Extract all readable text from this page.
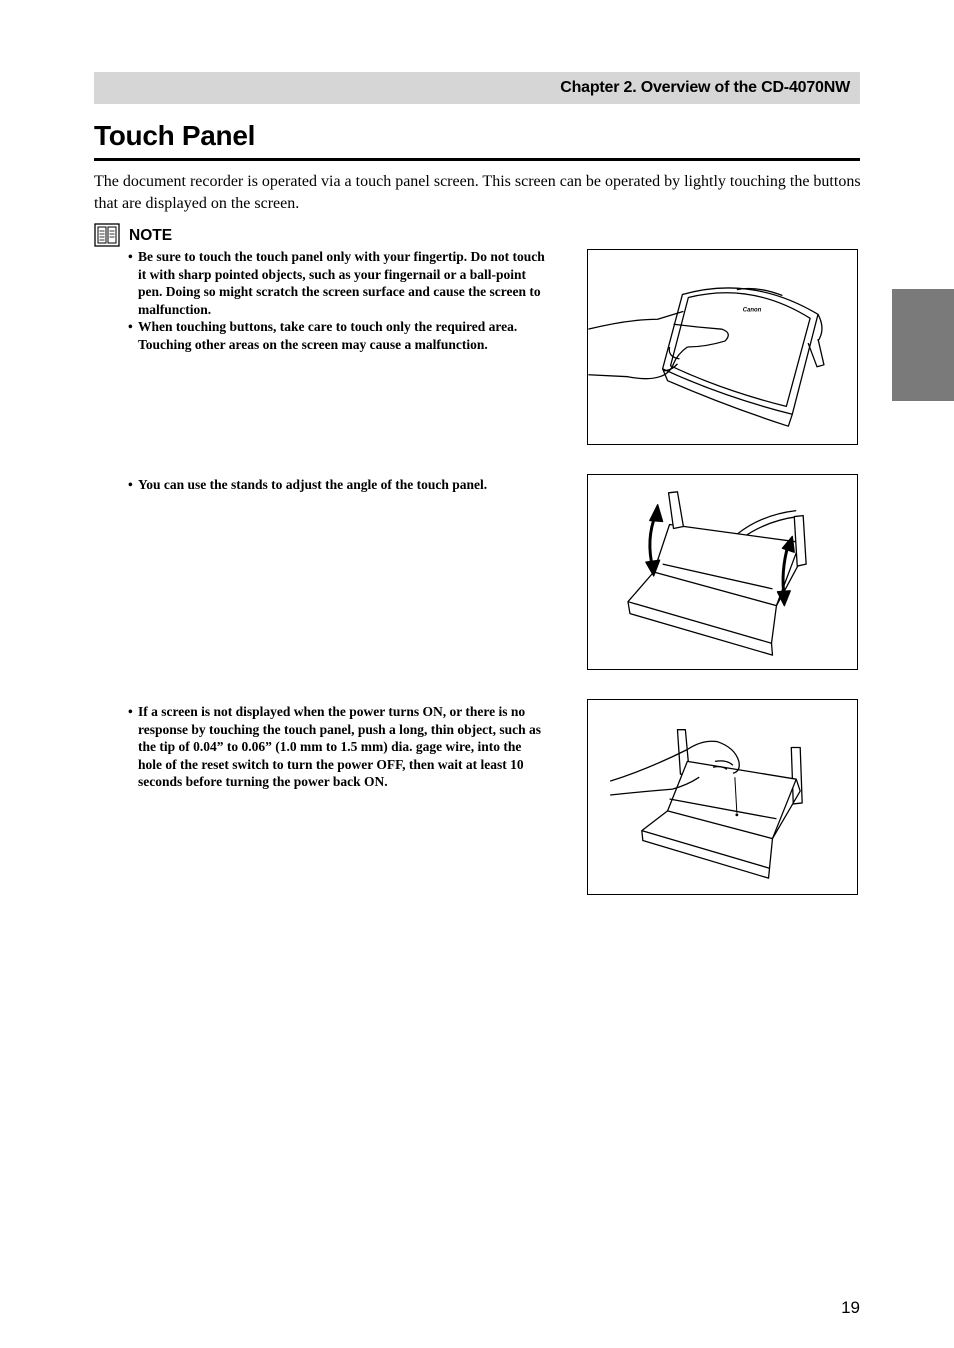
Chapter 2. Overview of the CD-4070NW
Touch Panel

The document recorder is operated via a touch panel screen. This screen can be operated by lightly touching the buttons that are displayed on the screen.

NOTE
• Be sure to touch the touch panel only with your fingertip. Do not touch it with sharp pointed objects, such as your fingernail or a ball-point pen. Doing so might scratch the screen surface and cause the screen to malfunction.
• When touching buttons, take care to touch only the required area. Touching other areas on the screen may cause a malfunction.
• You can use the stands to adjust the angle of the touch panel.
• If a screen is not displayed when the power turns ON, or there is no response by touching the touch panel, push a long, thin object, such as the tip of 0.04” to 0.06” (1.0 mm to 1.5 mm) dia. gage wire, into the hole of the reset switch to turn the power OFF, then wait at least 10 seconds before turning the power back ON.
Canon
19
